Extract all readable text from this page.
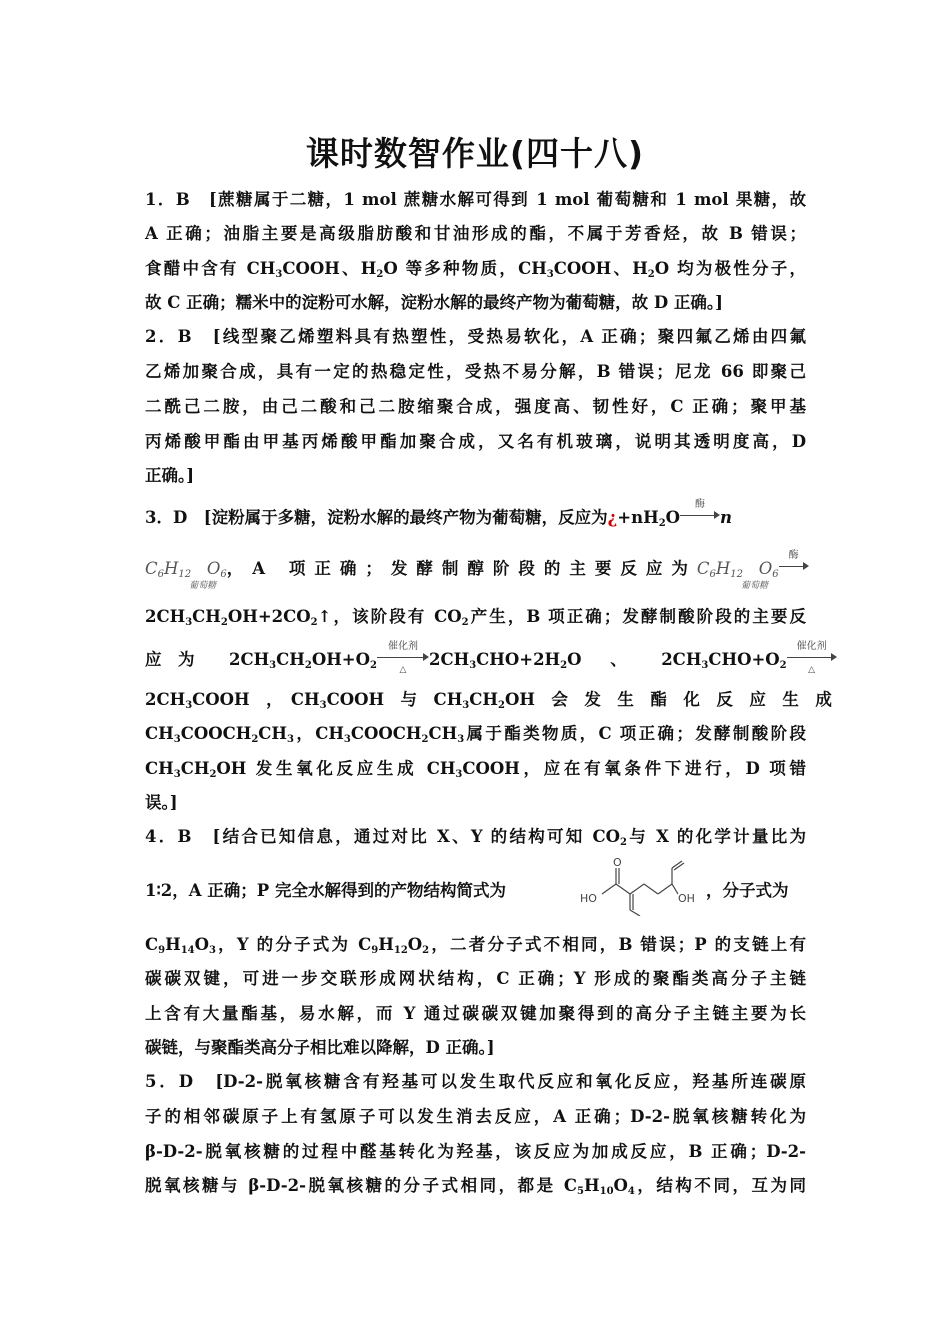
课时数智作业(四十八)
1．B　[蔗糖属于二糖，1 mol 蔗糖水解可得到 1 mol 葡萄糖和 1 mol 果糖，故
A 正确；油脂主要是高级脂肪酸和甘油形成的酯，不属于芳香烃，故 B 错误；
食醋中含有 $CH_3COOH$、$H_2O$ 等多种物质，$CH_3COOH$、$H_2O$ 均为极性分子，
故 C 正确；糯米中的淀粉可水解，淀粉水解的最终产物为葡萄糖，故 D 正确。]
2．B　[线型聚乙烯塑料具有热塑性，受热易软化，A 正确；聚四氟乙烯由四氟
乙烯加聚合成，具有一定的热稳定性，受热不易分解，B 错误；尼龙 66 即聚己
二酰己二胺，由己二酸和己二胺缩聚合成，强度高、韧性好，C 正确；聚甲基
丙烯酸甲酯由甲基丙烯酸甲酯加聚合成，又名有机玻璃，说明其透明度高，D
正确。]
3．D　[淀粉属于多糖，淀粉水解的最终产物为葡萄糖，反应为¿$+nH_2O$
酶
n
$C_6H_{12}$ O
葡萄糖
$_6$，A 项正确；发酵制醇阶段的主要反应为$C_6H_{12}$ O
葡萄糖
$_6$
酶
$2CH_3CH_2OH+2CO_2↑$，该阶段有 $CO_2$产生，B 项正确；发酵制酸阶段的主要反
应　为 $2CH_3CH_2OH+O_2$
催化剂
△
$2CH_3CHO+2H_2O$ 、 $2CH_3CHO+O_2$
催化剂
△
$2CH_3COOH$　，　$CH_3COOH$　与　$CH_3CH_2OH$　会　发　生　酯　化　反　应　生　成
$CH_3COOCH_2CH_3$，$CH_3COOCH_2CH_3$属于酯类物质，C 项正确；发酵制酸阶段
$CH_3CH_2OH$ 发生氧化反应生成 $CH_3COOH$，应在有氧条件下进行，D 项错
误。]
4．B　[结合已知信息，通过对比 X、Y 的结构可知 $CO_2$与 X 的化学计量比为
1∶2，A 正确；P 完全水解得到的产物结构简式为
O
HO	OH ，分子式为
$C_9H_{14}O_3$，Y 的分子式为 $C_9H_{12}O_2$，二者分子式不相同，B 错误；P 的支链上有
碳碳双键，可进一步交联形成网状结构，C 正确；Y 形成的聚酯类高分子主链
上含有大量酯基，易水解，而 Y 通过碳碳双键加聚得到的高分子主链主要为长
碳链，与聚酯类高分子相比难以降解，D 正确。]
5．D　[D-2-脱氧核糖含有羟基可以发生取代反应和氧化反应，羟基所连碳原
子的相邻碳原子上有氢原子可以发生消去反应，A 正确；D-2-脱氧核糖转化为
β-D-2-脱氧核糖的过程中醛基转化为羟基，该反应为加成反应，B 正确；D-2-
脱氧核糖与 β-D-2-脱氧核糖的分子式相同，都是 $C_5H_{10}O_4$，结构不同，互为同
